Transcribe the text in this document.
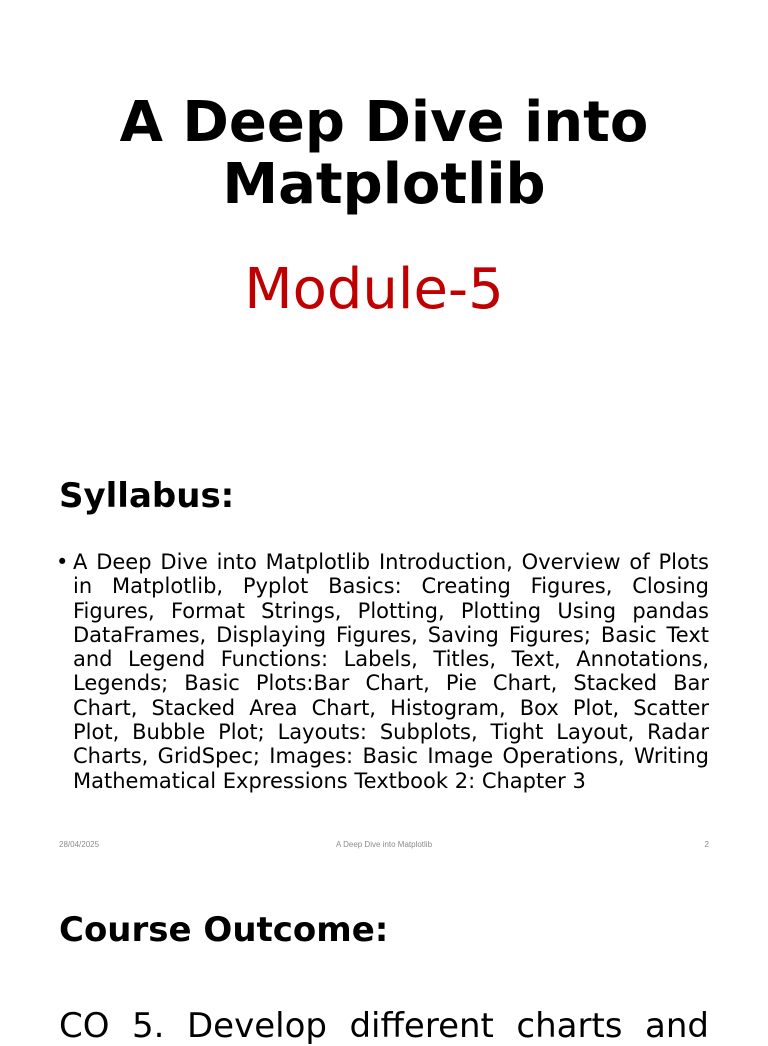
A Deep Dive into
Matplotlib
Module-5
Syllabus:
• A Deep Dive into Matplotlib Introduction, Overview of Plots in Matplotlib, Pyplot Basics: Creating Figures, Closing Figures, Format Strings, Plotting, Plotting Using pandas DataFrames, Displaying Figures, Saving Figures; Basic Text and Legend Functions: Labels, Titles, Text, Annotations, Legends; Basic Plots:Bar Chart, Pie Chart, Stacked Bar Chart, Stacked Area Chart, Histogram, Box Plot, Scatter Plot, Bubble Plot; Layouts: Subplots, Tight Layout, Radar Charts, GridSpec; Images: Basic Image Operations, Writing Mathematical Expressions Textbook 2: Chapter 3
28/04/2025	A Deep Dive into Matplotlib	2
Course Outcome:
CO 5. Develop different charts and
